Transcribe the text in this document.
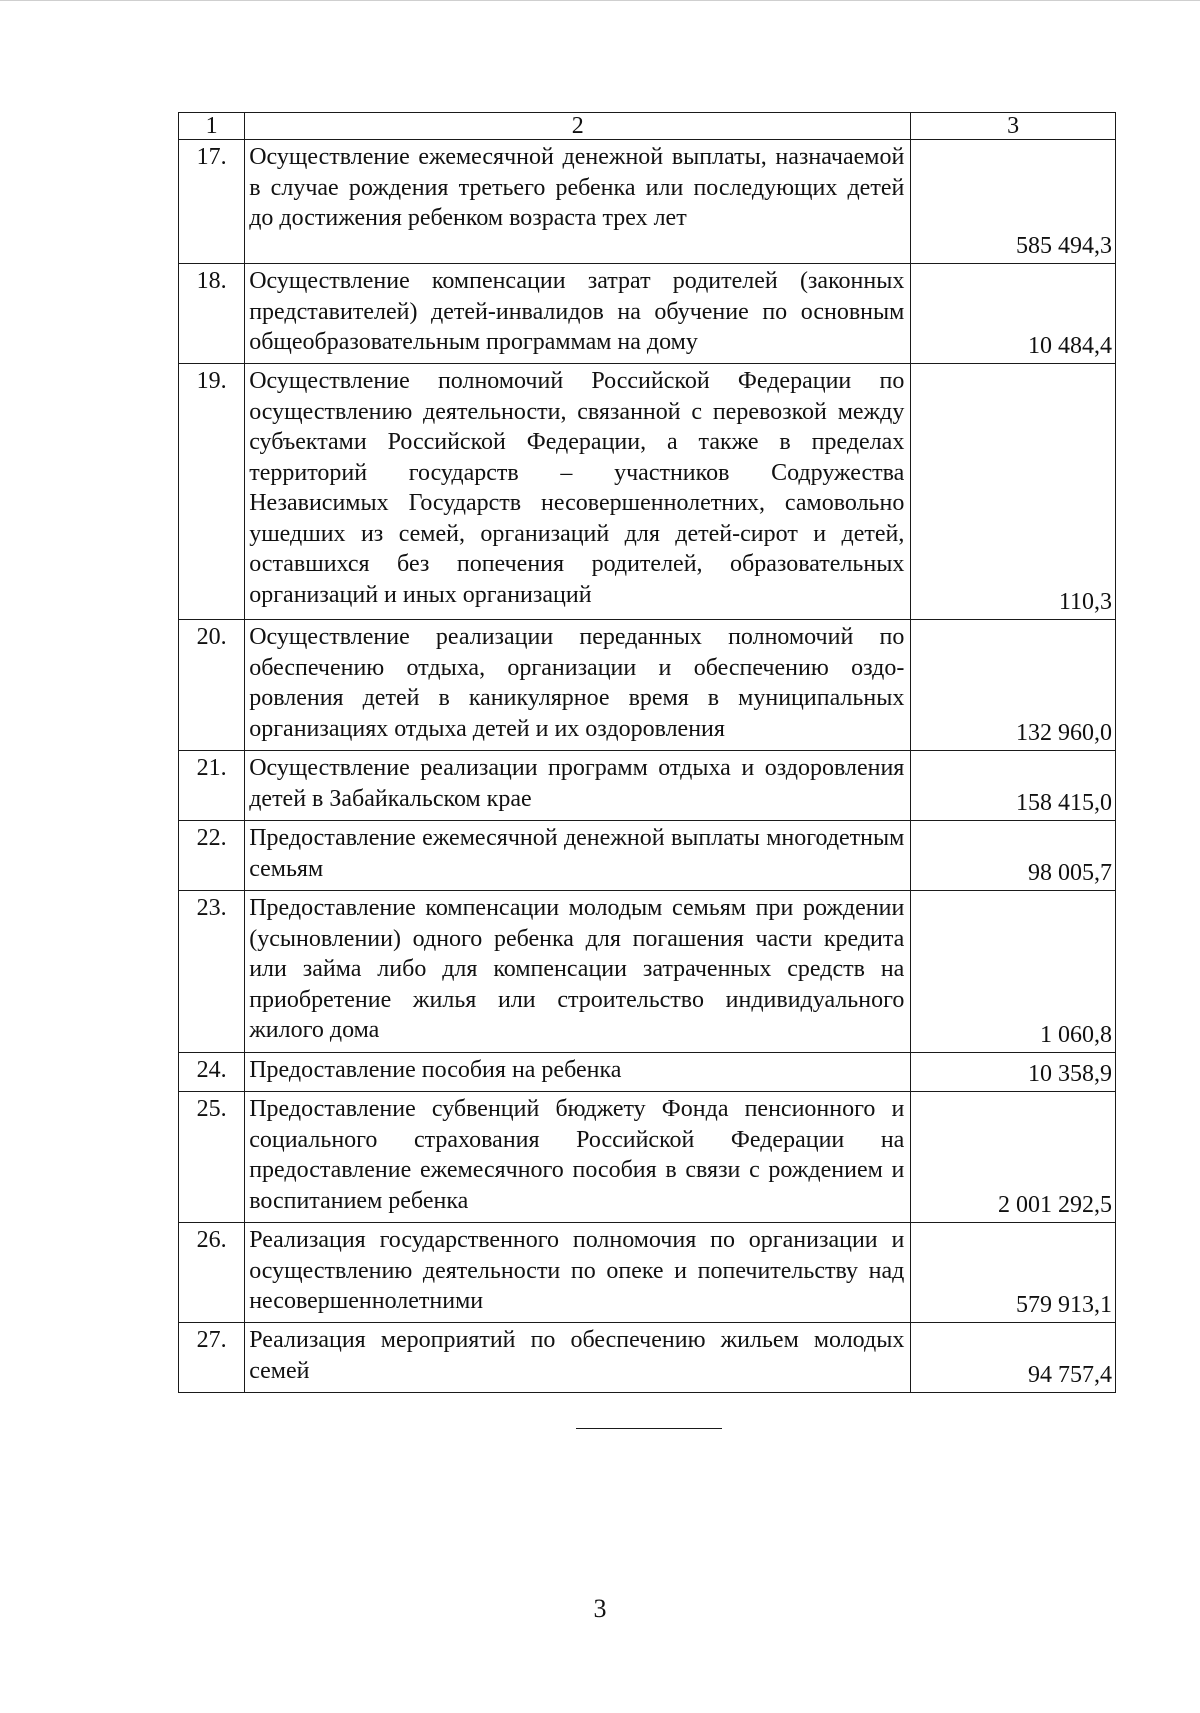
1	2	3
17.	Осуществление ежемесячной денежной выплаты, назначаемой в случае рождения третьего ребенка или последующих детей до достижения ребенком возраста трех лет	585 494,3
18.	Осуществление компенсации затрат родителей (законных представителей) детей-инвалидов на обучение по основным общеобразовательным программам на дому	10 484,4
19.	Осуществление полномочий Российской Федерации по осуществлению деятельности, связанной с перевозкой между субъектами Российской Федерации, а также в пределах территорий государств – участников Содружества Независимых Государств несовершеннолетних, самовольно ушедших из семей, организаций для детей-сирот и детей, оставшихся без попечения родителей, образовательных организаций и иных организаций	110,3
20.	Осуществление реализации переданных полномочий по обеспечению отдыха, организации и обеспечению оздоровления детей в каникулярное время в муниципальных организациях отдыха детей и их оздоровления	132 960,0
21.	Осуществление реализации программ отдыха и оздоровления детей в Забайкальском крае	158 415,0
22.	Предоставление ежемесячной денежной выплаты многодетным семьям	98 005,7
23.	Предоставление компенсации молодым семьям при рождении (усыновлении) одного ребенка для погашения части кредита или займа либо для компенсации затраченных средств на приобретение жилья или строительство индивидуального жилого дома	1 060,8
24.	Предоставление пособия на ребенка	10 358,9
25.	Предоставление субвенций бюджету Фонда пенсионного и социального страхования Российской Федерации на предоставление ежемесячного пособия в связи с рождением и воспитанием ребенка	2 001 292,5
26.	Реализация государственного полномочия по организации и осуществлению деятельности по опеке и попечительству над несовершеннолетними	579 913,1
27.	Реализация мероприятий по обеспечению жильем молодых семей	94 757,4
3
